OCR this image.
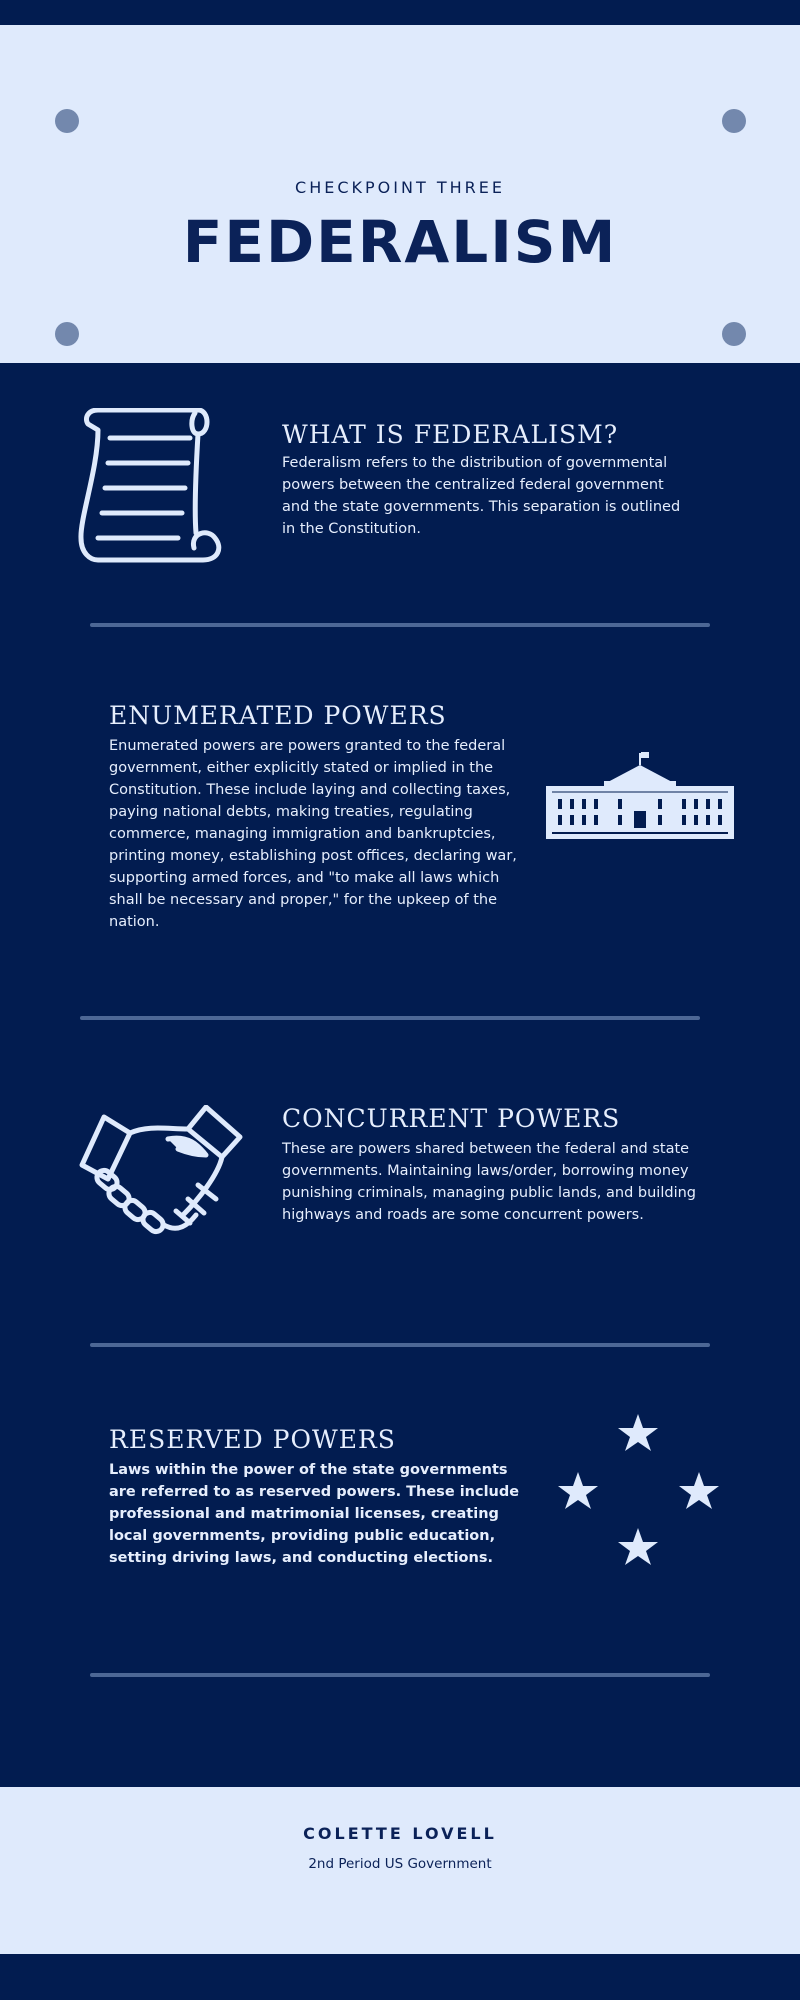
CHECKPOINT THREE
FEDERALISM
WHAT IS FEDERALISM?
Federalism refers to the distribution of governmental powers between the centralized federal government and the state governments. This separation is outlined in the Constitution.
ENUMERATED POWERS
Enumerated powers are powers granted to the federal government, either explicitly stated or implied in the Constitution. These include laying and collecting taxes, paying national debts, making treaties, regulating commerce, managing immigration and bankruptcies, printing money, establishing post offices, declaring war, supporting armed forces, and "to make all laws which shall be necessary and proper," for the upkeep of the nation.
CONCURRENT POWERS
These are powers shared between the federal and state governments. Maintaining laws/order, borrowing money punishing criminals, managing public lands, and building highways and roads are some concurrent powers.
RESERVED POWERS
Laws within the power of the state governments are referred to as reserved powers. These include professional and matrimonial licenses, creating local governments, providing public education, setting driving laws, and conducting elections.
COLETTE LOVELL
2nd Period US Government
